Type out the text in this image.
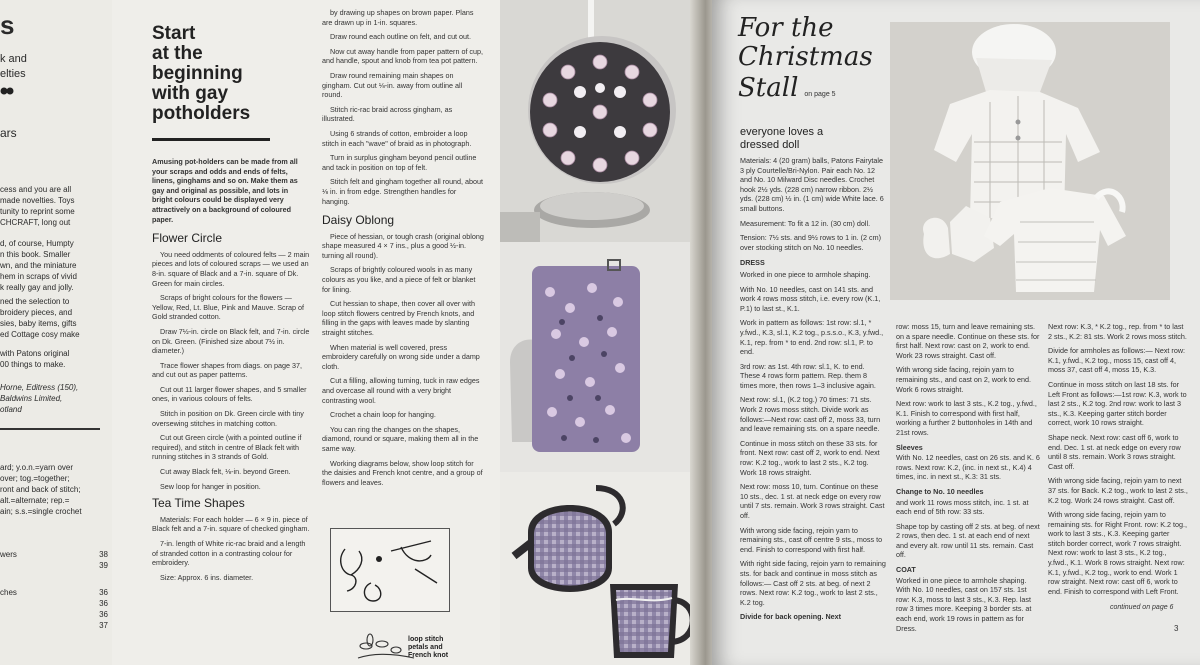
s
k and
elties
ars
cess and you are all
made novelties. Toys
tunity to reprint some
CHCRAFT, long out
d, of course, Humpty
n this book. Smaller
wn, and the miniature
hem in scraps of vivid
k really gay and jolly.
ned the selection to
broidery pieces, and
sies, baby items, gifts
ed Cottage cosy make
with Patons original
00 things to make.
Horne, Editress (150),
Baldwins Limited,
otland
ard; y.o.n.=yarn over
over; tog.=together;
ront and back of stitch;
alt.=alternate; rep.=
ain; s.s.=single crochet
wers	38
39
ches	36
36
36
37
Start
at the
beginning
with gay
potholders

Amusing pot-holders can be made from all your scraps and odds and ends of felts, linens, ginghams and so on. Make them as gay and original as possible, and lots in bright colours could be displayed very attractively on a background of coloured paper.

Flower Circle

You need oddments of coloured felts — 2 main pieces and lots of coloured scraps — we used an 8-in. square of Black and a 7-in. square of Dk. Green for main circles.

Scraps of bright colours for the flowers — Yellow, Red, Lt. Blue, Pink and Mauve. Scrap of Gold stranded cotton.

Draw 7½-in. circle on Black felt, and 7-in. circle on Dk. Green. (Finished size about 7½ in. diameter.)

Trace flower shapes from diags. on page 37, and cut out as paper patterns.

Cut out 11 larger flower shapes, and 5 smaller ones, in various colours of felts.

Stitch in position on Dk. Green circle with tiny oversewing stitches in matching cotton.

Cut out Green circle (with a pointed outline if required), and stitch in centre of Black felt with running stitches in 3 strands of Gold.

Cut away Black felt, ⅛-in. beyond Green.

Sew loop for hanger in position.

Tea Time Shapes

Materials: For each holder — 6 × 9 in. piece of Black felt and a 7-in. square of checked gingham.

7-in. length of White ric-rac braid and a length of stranded cotton in a contrasting colour for embroidery.

Size: Approx. 6 ins. diameter.

by drawing up shapes on brown paper. Plans are drawn up in 1-in. squares.

Draw round each outline on felt, and cut out.

Now cut away handle from paper pattern of cup, and handle, spout and knob from tea pot pattern.

Draw round remaining main shapes on gingham. Cut out ⅛-in. away from outline all round.

Stitch ric-rac braid across gingham, as illustrated.

Using 6 strands of cotton, embroider a loop stitch in each "wave" of braid as in photograph.

Turn in surplus gingham beyond pencil outline and tack in position on top of felt.

Stitch felt and gingham together all round, about ⅛ in. in from edge. Strengthen handles for hanging.

Daisy Oblong

Piece of hessian, or tough crash (original oblong shape measured 4 × 7 ins., plus a good ½-in. turning all round).

Scraps of brightly coloured wools in as many colours as you like, and a piece of felt or blanket for lining.

Cut hessian to shape, then cover all over with loop stitch flowers centred by French knots, and filling in the gaps with leaves made by slanting straight stitches.

When material is well covered, press embroidery carefully on wrong side under a damp cloth.

Cut a filling, allowing turning, tuck in raw edges and overcase all round with a very bright contrasting wool.

Crochet a chain loop for hanging.

You can ring the changes on the shapes, diamond, round or square, making them all in the same way.

Working diagrams below, show loop stitch for the daisies and French knot centre, and a group of flowers and leaves.

loop stitch
petals and
French knot
For the
Christmas
Stall on page 5
everyone loves a
dressed doll

Materials: 4 (20 gram) balls, Patons Fairytale 3 ply Courtelle/Bri-Nylon. Pair each No. 12 and No. 10 Milward Disc needles. Crochet hook 2½ yds. (228 cm) narrow ribbon. 2½ yds. (228 cm) ½ in. (1 cm) wide White lace. 6 small buttons.

Measurement: To fit a 12 in. (30 cm) doll.

Tension: 7½ sts. and 9½ rows to 1 in. (2 cm) over stocking stitch on No. 10 needles.

DRESS

Worked in one piece to armhole shaping.

With No. 10 needles, cast on 141 sts. and work 4 rows moss stitch, i.e. every row (K.1, P.1) to last st., K.1.

Work in pattern as follows: 1st row: sl.1, * y.fwd., K.3, sl.1, K.2 tog., p.s.s.o., K.3, y.fwd., K.1, rep. from * to end. 2nd row: sl.1, P. to end.

3rd row: as 1st. 4th row: sl.1, K. to end. These 4 rows form pattern. Rep. them 8 times more, then rows 1–3 inclusive again.

Next row: sl.1, (K.2 tog.) 70 times: 71 sts. Work 2 rows moss stitch. Divide work as follows:—Next row: cast off 2, moss 33, turn and leave remaining sts. on a spare needle.

Continue in moss stitch on these 33 sts. for front. Next row: cast off 2, work to end. Next row: K.2 tog., work to last 2 sts., K.2 tog. Work 18 rows straight.

Next row: moss 10, turn. Continue on these 10 sts., dec. 1 st. at neck edge on every row until 7 sts. remain. Work 3 rows straight. Cast off.

With wrong side facing, rejoin yarn to remaining sts., cast off centre 9 sts., moss to end. Finish to correspond with first half.

With right side facing, rejoin yarn to remaining sts. for back and continue in moss stitch as follows:— Cast off 2 sts. at beg. of next 2 rows. Next row: K.2 tog., work to last 2 sts., K.2 tog.

Divide for back opening. Next

row: moss 15, turn and leave remaining sts. on a spare needle. Continue on these sts. for first half. Next row: cast on 2, work to end. Work 23 rows straight. Cast off.

With wrong side facing, rejoin yarn to remaining sts., and cast on 2, work to end. Work 6 rows straight.

Next row: work to last 3 sts., K.2 tog., y.fwd., K.1. Finish to correspond with first half, working a further 2 buttonholes in 14th and 21st rows.

Sleeves

With No. 12 needles, cast on 26 sts. and K. 6 rows. Next row: K.2, (inc. in next st., K.4) 4 times, inc. in next st., K.3: 31 sts.

Change to No. 10 needles

and work 11 rows moss stitch, inc. 1 st. at each end of 5th row: 33 sts.

Shape top by casting off 2 sts. at beg. of next 2 rows, then dec. 1 st. at each end of next and every alt. row until 11 sts. remain. Cast off.

COAT

Worked in one piece to armhole shaping. With No. 10 needles, cast on 157 sts. 1st row: K.3, moss to last 3 sts., K.3. Rep. last row 3 times more. Keeping 3 border sts. at each end, work 19 rows in pattern as for Dress.

Next row: K.3, * K.2 tog., rep. from * to last 2 sts., K.2: 81 sts. Work 2 rows moss stitch.

Divide for armholes as follows:— Next row: K.1, y.fwd., K.2 tog., moss 15, cast off 4, moss 37, cast off 4, moss 15, K.3.

Continue in moss stitch on last 18 sts. for Left Front as follows:—1st row: K.3, work to last 2 sts., K.2 tog. 2nd row: work to last 3 sts., K.3. Keeping garter stitch border correct, work 10 rows straight.

Shape neck. Next row: cast off 6, work to end. Dec. 1 st. at neck edge on every row until 8 sts. remain. Work 3 rows straight. Cast off.

With wrong side facing, rejoin yarn to next 37 sts. for Back. K.2 tog., work to last 2 sts., K.2 tog. Work 24 rows straight. Cast off.

With wrong side facing, rejoin yarn to remaining sts. for Right Front. row: K.2 tog., work to last 3 sts., K.3. Keeping garter stitch border correct, work 7 rows straight. Next row: work to last 3 sts., K.2 tog., y.fwd., K.1. Work 8 rows straight. Next row: K.1, y.fwd., K.2 tog., work to end. Work 1 row straight. Next row: cast off 6, work to end. Finish to correspond with Left Front.

continued on page 6
3
